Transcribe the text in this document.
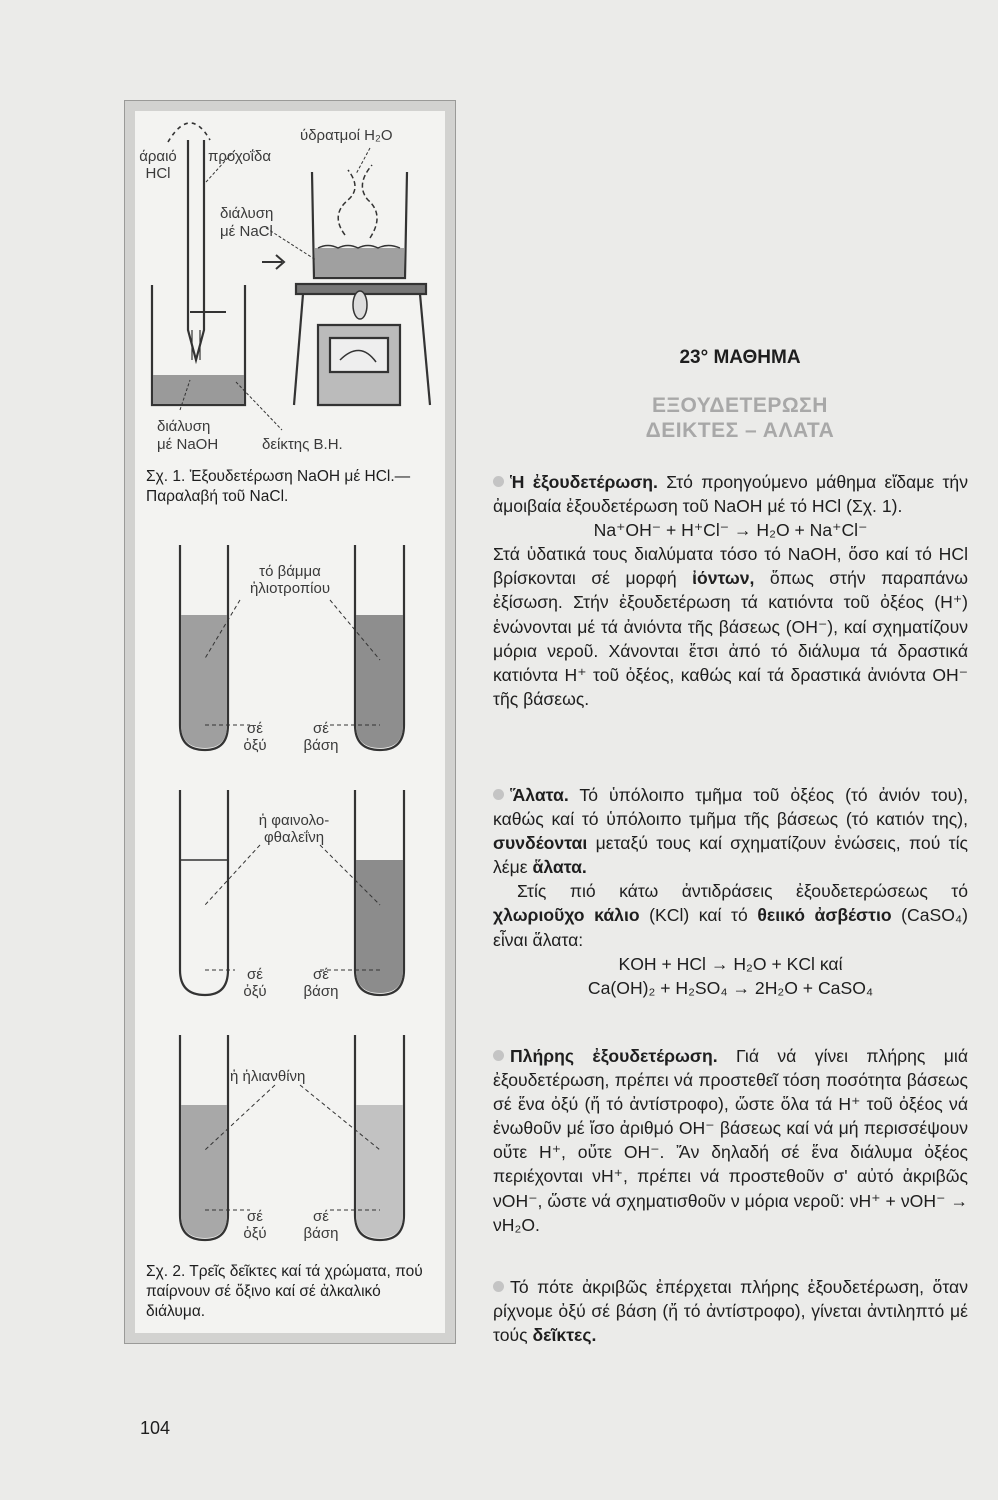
άραιό HCl
προχοΐδα
ύδρατμοί H₂O
διάλυση
μέ NaCl
διάλυση
μέ NaOH	δείκτης Β.Η.
Σχ. 1. Ἐξουδετέρωση NaOH μέ HCl.— Παραλαβή τοῦ NaCl.
τό βάμμα ἡλιοτροπίου
σέ ὀξύ
σέ βάση
ἡ φαινολο-φθαλεΐνη
σέ ὀξύ
σέ βάση
ἡ ἡλιανθίνη
σέ ὀξύ
σέ βάση
Σχ. 2. Τρεῖς δεῖκτες καί τά χρώματα, πού παίρνουν σέ ὄξινο καί σέ ἀλκαλικό διάλυμα.
23° ΜΑΘΗΜΑ
ΕΞΟΥΔΕΤΕΡΩΣΗ
ΔΕΙΚΤΕΣ – ΑΛΑΤΑ

Ἡ ἐξουδετέρωση. Στό προηγούμενο μάθημα εἴδαμε τήν ἀμοιβαία ἐξουδετέρωση τοῦ NaOH μέ τό HCl (Σχ. 1).

Na⁺OH⁻ + H⁺Cl⁻ → H₂O + Na⁺Cl⁻

Στά ὑδατικά τους διαλύματα τόσο τό NaOH, ὅσο καί τό HCl βρίσκονται σέ μορφή ἰόντων, ὅπως στήν παραπάνω ἐξίσωση. Στήν ἐξουδετέρωση τά κατιόντα τοῦ ὀξέος (H⁺) ἑνώνονται μέ τά ἀνιόντα τῆς βάσεως (OH⁻), καί σχηματίζουν μόρια νεροῦ. Χάνονται ἔτσι ἀπό τό διάλυμα τά δραστικά κατιόντα H⁺ τοῦ ὀξέος, καθώς καί τά δραστικά ἀνιόντα OH⁻ τῆς βάσεως.

Ἅλατα. Τό ὑπόλοιπο τμῆμα τοῦ ὀξέος (τό ἀνιόν του), καθώς καί τό ὑπόλοιπο τμῆμα τῆς βάσεως (τό κατιόν της), συνδέονται μεταξύ τους καί σχηματίζουν ἑνώσεις, πού τίς λέμε ἅλατα.

Στίς πιό κάτω ἀντιδράσεις ἐξουδετερώσεως τό χλωριοῦχο κάλιο (KCl) καί τό θειικό ἀσβέστιο (CaSO₄) εἶναι ἅλατα:

KOH + HCl → H₂O + KCl καί

Ca(OH)₂ + H₂SO₄ → 2H₂O + CaSO₄

Πλήρης ἐξουδετέρωση. Γιά νά γίνει πλήρης μιά ἐξουδετέρωση, πρέπει νά προστεθεῖ τόση ποσότητα βάσεως σέ ἕνα ὀξύ (ἤ τό ἀντίστροφο), ὥστε ὅλα τά H⁺ τοῦ ὀξέος νά ἑνωθοῦν μέ ἴσο ἀριθμό OH⁻ βάσεως καί νά μή περισσέψουν οὔτε H⁺, οὔτε OH⁻. Ἄν δηλαδή σέ ἕνα διάλυμα ὀξέος περιέχονται νH⁺, πρέπει νά προστεθοῦν σ' αὐτό ἀκριβῶς νOH⁻, ὥστε νά σχηματισθοῦν ν μόρια νεροῦ: νH⁺ + νOH⁻ → νH₂O.

Τό πότε ἀκριβῶς ἐπέρχεται πλήρης ἐξουδετέρωση, ὅταν ρίχνομε ὀξύ σέ βάση (ἤ τό ἀντίστροφο), γίνεται ἀντιληπτό μέ τούς δεῖκτες.

104
